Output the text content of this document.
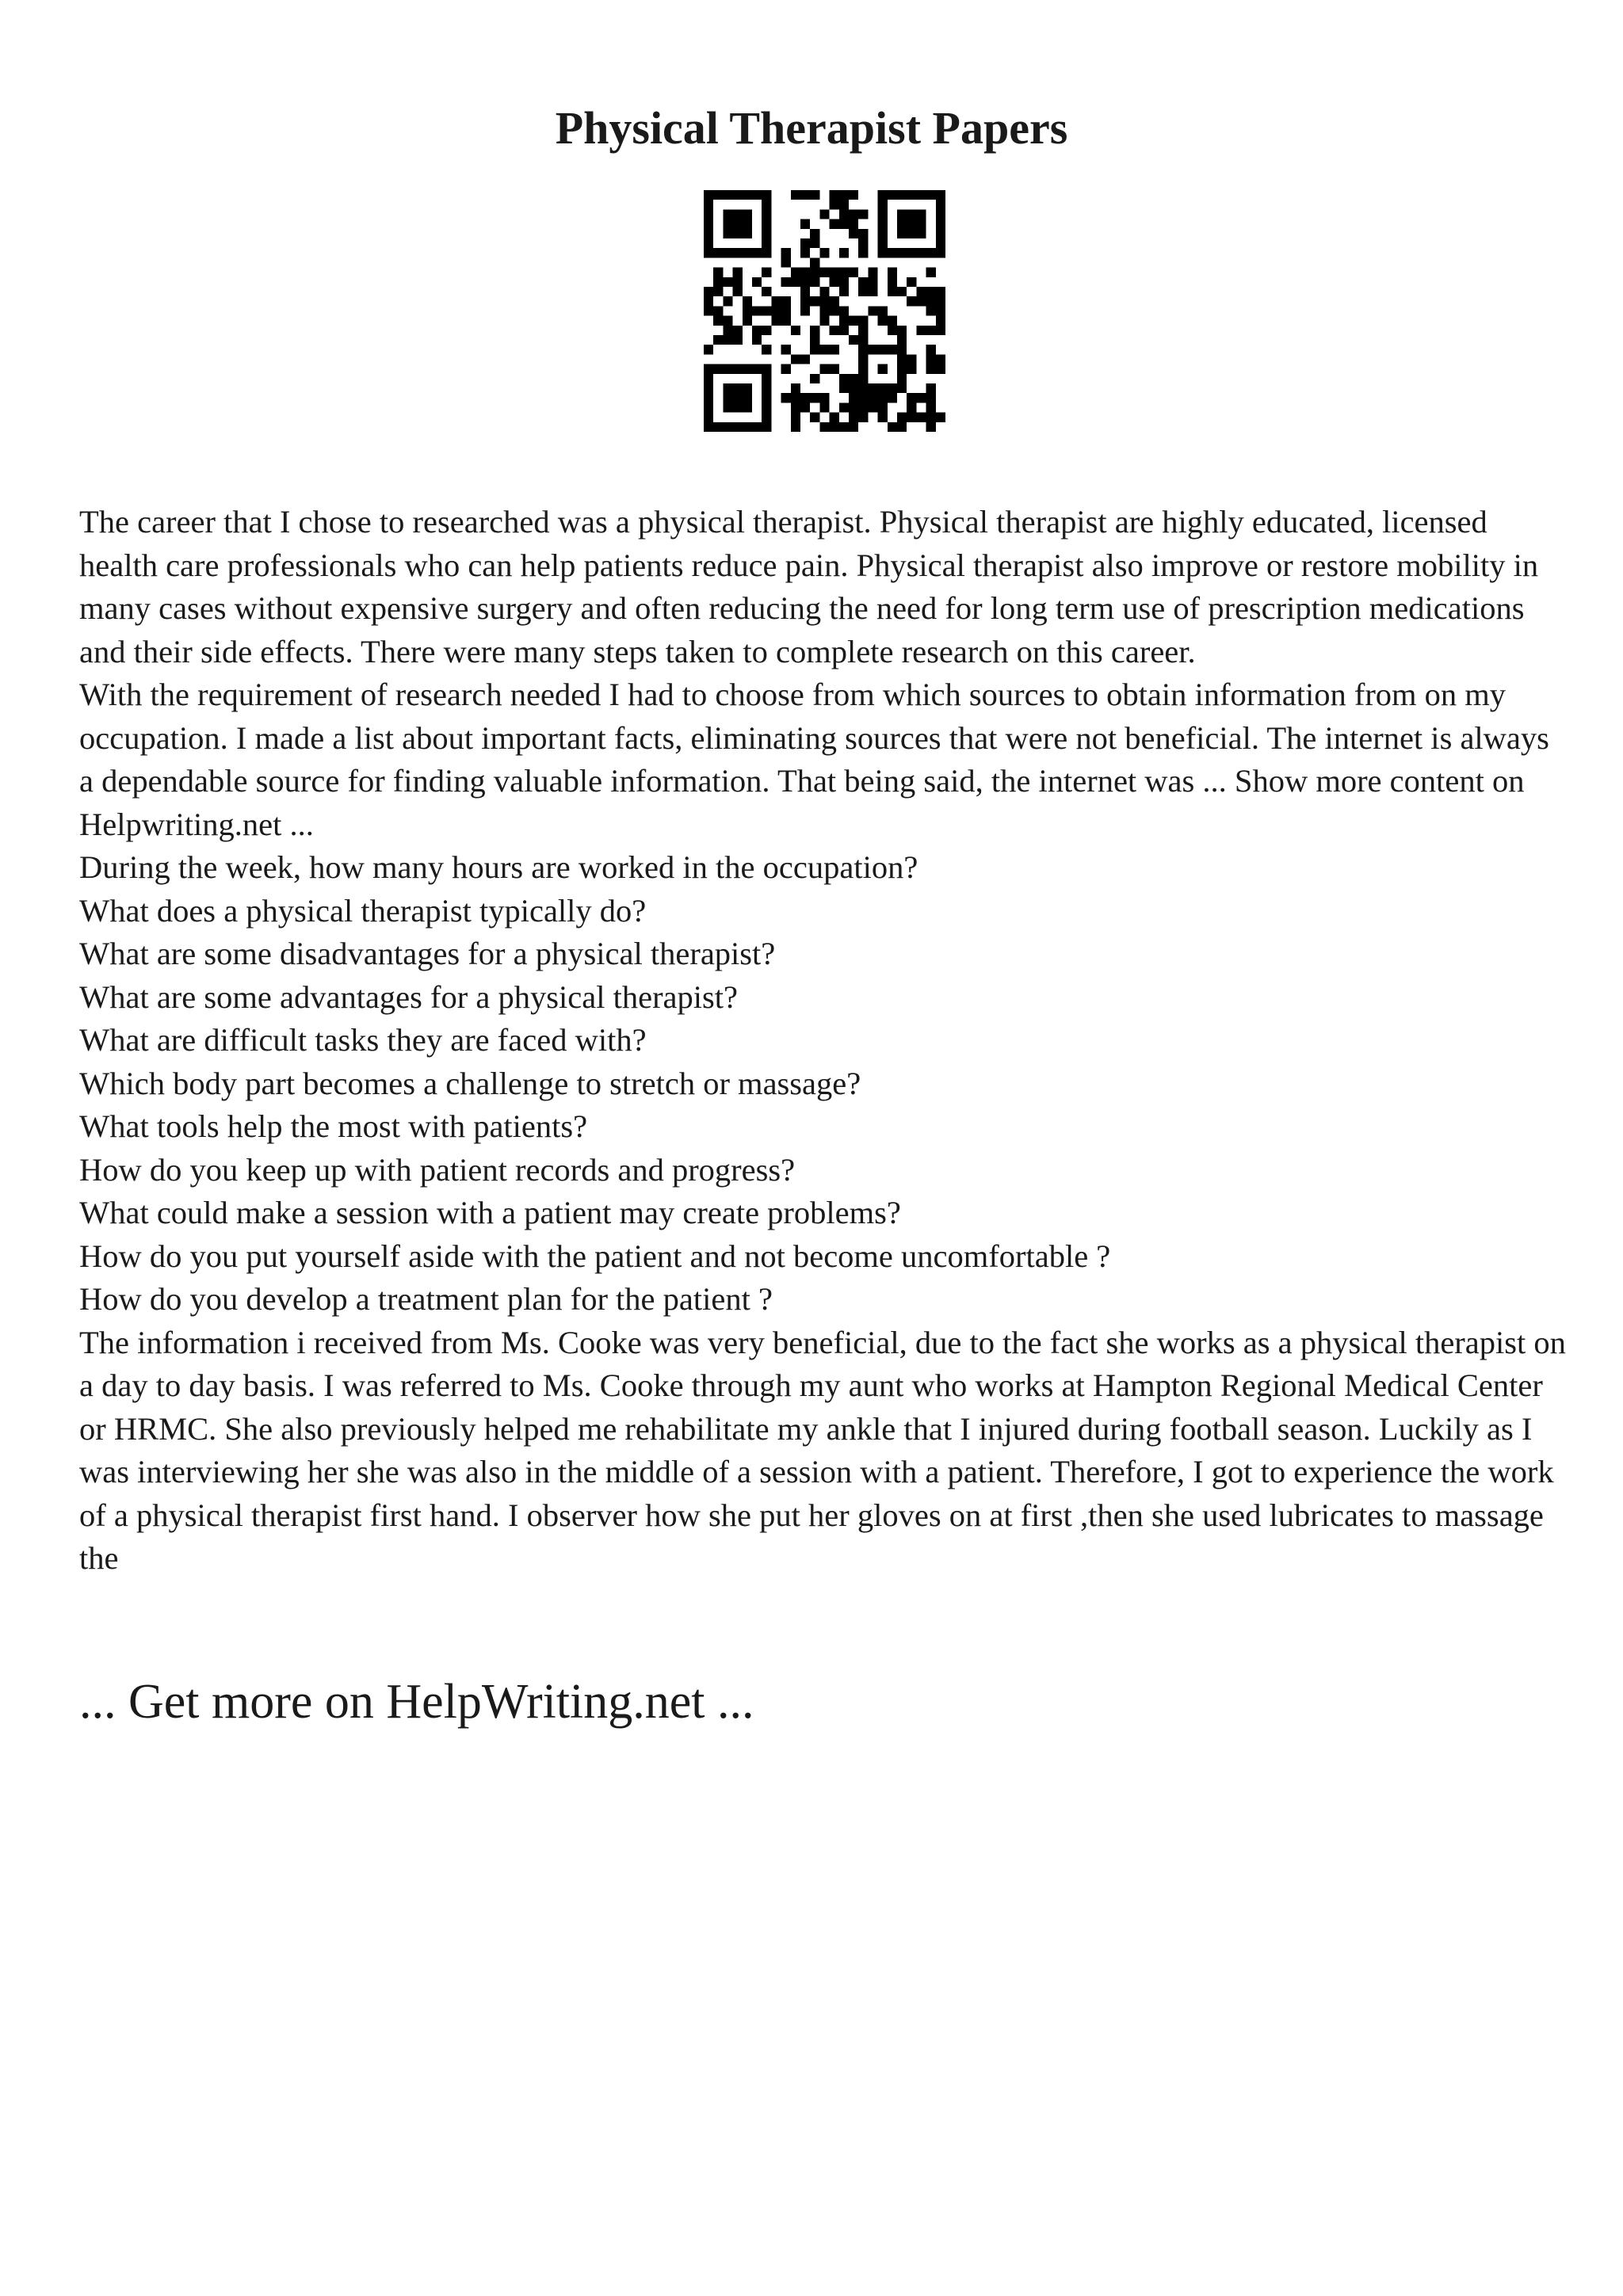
Physical Therapist Papers

The career that I chose to researched was a physical therapist. Physical therapist are highly educated, licensed health care professionals who can help patients reduce pain. Physical therapist also improve or restore mobility in many cases without expensive surgery and often reducing the need for long term use of prescription medications and their side effects. There were many steps taken to complete research on this career.

With the requirement of research needed I had to choose from which sources to obtain information from on my occupation. I made a list about important facts, eliminating sources that were not beneficial. The internet is always a dependable source for finding valuable information. That being said, the internet was ... Show more content on Helpwriting.net ...

During the week, how many hours are worked in the occupation?

What does a physical therapist typically do?

What are some disadvantages for a physical therapist?

What are some advantages for a physical therapist?

What are difficult tasks they are faced with?

Which body part becomes a challenge to stretch or massage?

What tools help the most with patients?

How do you keep up with patient records and progress?

What could make a session with a patient may create problems?

How do you put yourself aside with the patient and not become uncomfortable ?

How do you develop a treatment plan for the patient ?

The information i received from Ms. Cooke was very beneficial, due to the fact she works as a physical therapist on a day to day basis. I was referred to Ms. Cooke through my aunt who works at Hampton Regional Medical Center or HRMC. She also previously helped me rehabilitate my ankle that I injured during football season. Luckily as I was interviewing her she was also in the middle of a session with a patient. Therefore, I got to experience the work of a physical therapist first hand. I observer how she put her gloves on at first ,then she used lubricates to massage the

... Get more on HelpWriting.net ...
